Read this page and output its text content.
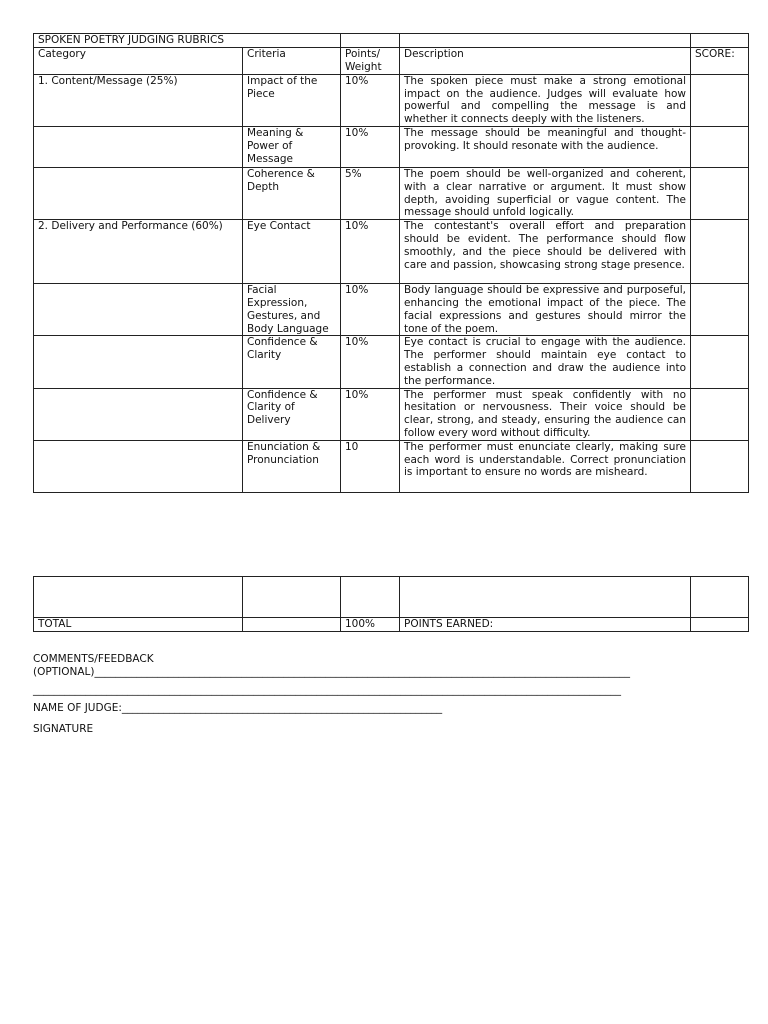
SPOKEN POETRY JUDGING RUBRICS				
Category	Criteria	Points/ Weight	Description	SCORE:
1. Content/Message (25%)	Impact of the Piece	10%	The spoken piece must make a strong emotional impact on the audience. Judges will evaluate how powerful and compelling the message is and whether it connects deeply with the listeners.	
	Meaning & Power of Message	10%	The message should be meaningful and thought-provoking. It should resonate with the audience.	
	Coherence & Depth	5%	The poem should be well-organized and coherent, with a clear narrative or argument. It must show depth, avoiding superficial or vague content. The message should unfold logically.	
2. Delivery and Performance (60%)	Eye Contact	10%	The contestant's overall effort and preparation should be evident. The performance should flow smoothly, and the piece should be delivered with care and passion, showcasing strong stage presence.	
	Facial Expression, Gestures, and Body Language	10%	Body language should be expressive and purposeful, enhancing the emotional impact of the piece. The facial expressions and gestures should mirror the tone of the poem.	
	Confidence & Clarity	10%	Eye contact is crucial to engage with the audience. The performer should maintain eye contact to establish a connection and draw the audience into the performance.	
	Confidence & Clarity of Delivery	10%	The performer must speak confidently with no hesitation or nervousness. Their voice should be clear, strong, and steady, ensuring the audience can follow every word without difficulty.	
	Enunciation & Pronunciation	10	The performer must enunciate clearly, making sure each word is understandable. Correct pronunciation is important to ensure no words are misheard.	

TOTAL		100%	POINTS EARNED:	
COMMENTS/FEEDBACK
(OPTIONAL)______________________________________________________________________________________________________
________________________________________________________________________________________________________________
NAME OF JUDGE:_____________________________________________________________
SIGNATURE
